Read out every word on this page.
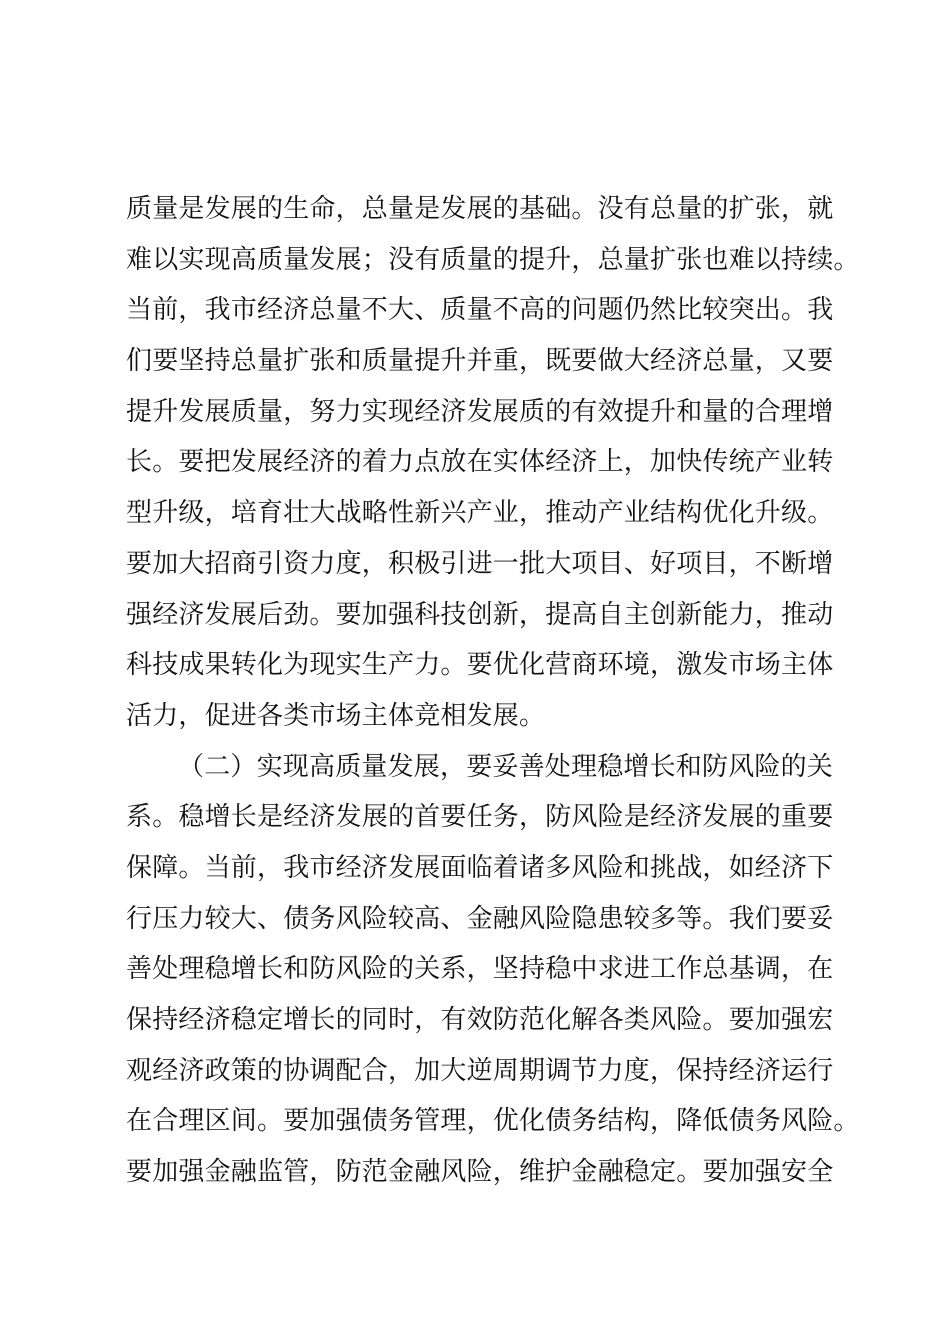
质量是发展的生命，总量是发展的基础。没有总量的扩张，就
难以实现高质量发展；没有质量的提升，总量扩张也难以持续。
当前，我市经济总量不大、质量不高的问题仍然比较突出。我
们要坚持总量扩张和质量提升并重，既要做大经济总量，又要
提升发展质量，努力实现经济发展质的有效提升和量的合理增
长。要把发展经济的着力点放在实体经济上，加快传统产业转
型升级，培育壮大战略性新兴产业，推动产业结构优化升级。
要加大招商引资力度，积极引进一批大项目、好项目，不断增
强经济发展后劲。要加强科技创新，提高自主创新能力，推动
科技成果转化为现实生产力。要优化营商环境，激发市场主体
活力，促进各类市场主体竞相发展。
（二）实现高质量发展，要妥善处理稳增长和防风险的关
系。稳增长是经济发展的首要任务，防风险是经济发展的重要
保障。当前，我市经济发展面临着诸多风险和挑战，如经济下
行压力较大、债务风险较高、金融风险隐患较多等。我们要妥
善处理稳增长和防风险的关系，坚持稳中求进工作总基调，在
保持经济稳定增长的同时，有效防范化解各类风险。要加强宏
观经济政策的协调配合，加大逆周期调节力度，保持经济运行
在合理区间。要加强债务管理，优化债务结构，降低债务风险。
要加强金融监管，防范金融风险，维护金融稳定。要加强安全
